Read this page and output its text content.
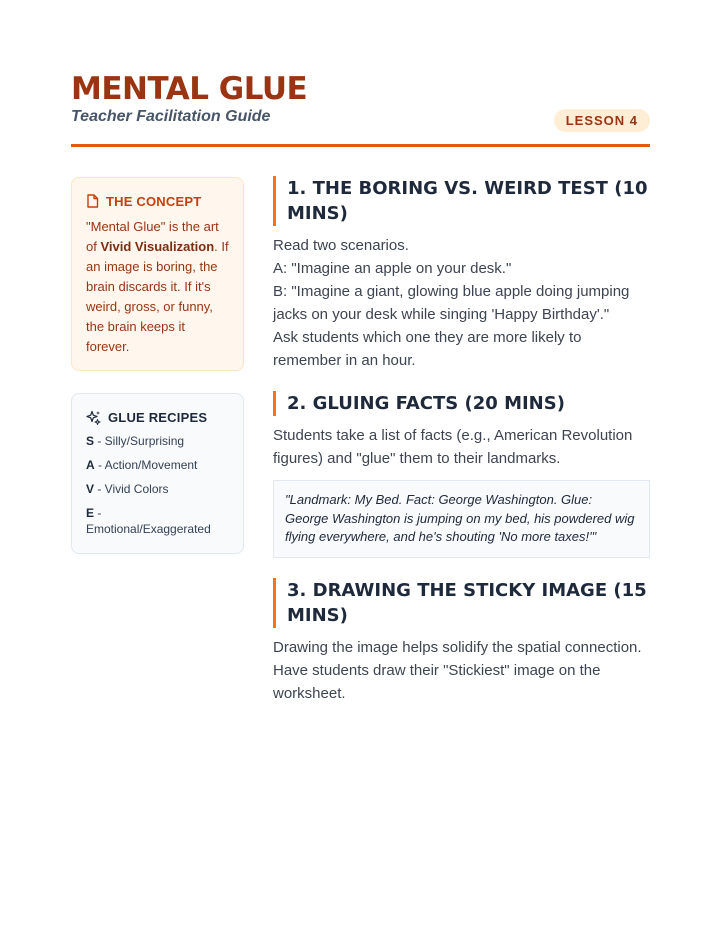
MENTAL GLUE

Teacher Facilitation Guide	LESSON 4
THE CONCEPT

"Mental Glue" is the art of Vivid Visualization. If an image is boring, the brain discards it. If it's weird, gross, or funny, the brain keeps it forever.

GLUE RECIPES
S - Silly/Surprising
A - Action/Movement
V - Vivid Colors
E - Emotional/Exaggerated
1. THE BORING VS. WEIRD TEST (10 MINS)

Read two scenarios.
A: "Imagine an apple on your desk."
B: "Imagine a giant, glowing blue apple doing jumping jacks on your desk while singing 'Happy Birthday'."
Ask students which one they are more likely to remember in an hour.

2. GLUING FACTS (20 MINS)

Students take a list of facts (e.g., American Revolution figures) and "glue" them to their landmarks.

"Landmark: My Bed. Fact: George Washington. Glue: George Washington is jumping on my bed, his powdered wig flying everywhere, and he's shouting 'No more taxes!'"
3. DRAWING THE STICKY IMAGE (15 MINS)

Drawing the image helps solidify the spatial connection. Have students draw their "Stickiest" image on the worksheet.
